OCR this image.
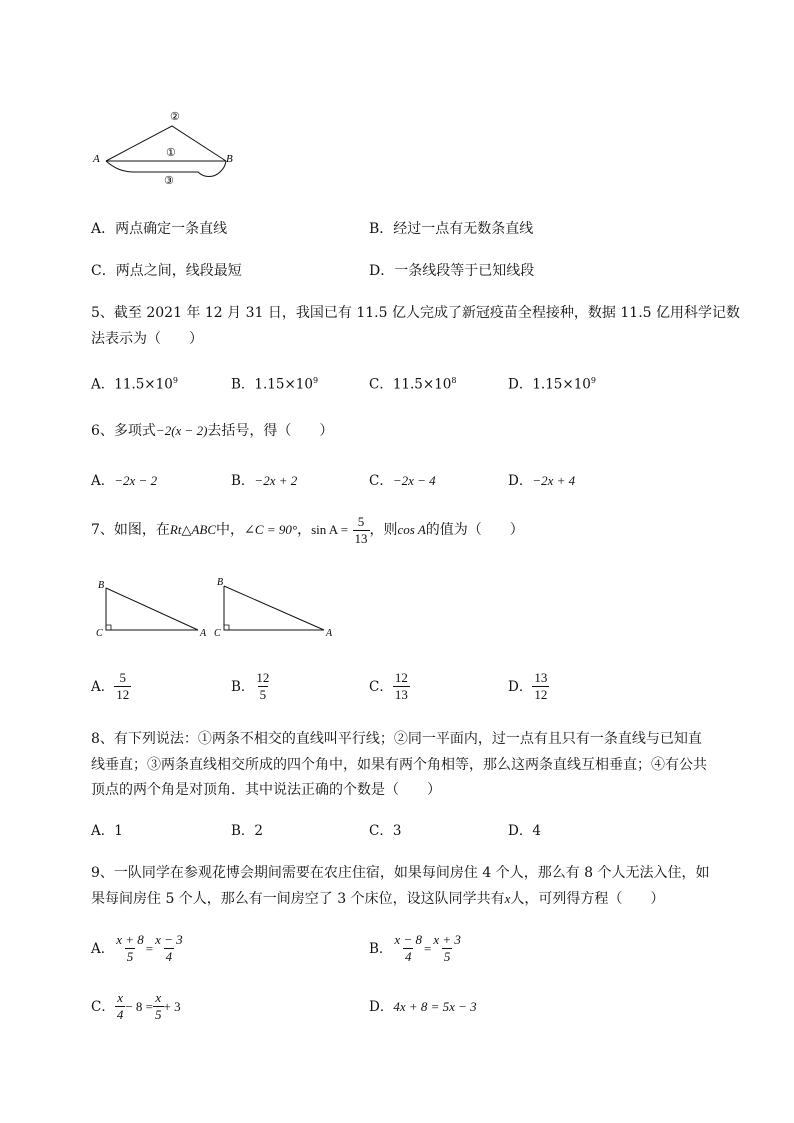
A	B
①
②
③
A．两点确定一条直线	B．经过一点有无数条直线
C．两点之间，线段最短	D．一条线段等于已知线段
5、截至 2021 年 12 月 31 日，我国已有 11.5 亿人完成了新冠疫苗全程接种，数据 11.5 亿用科学记数
法表示为（　　）
A．$11.5\times 10^9$	B．$1.15\times 10^9$	C．$11.5\times 10^8$	D．$1.15\times 10^9$
6、多项式−2(x − 2)去括号，得（　　）
A．−2x − 2	B．−2x + 2	C．−2x − 4	D．−2x + 4
7、如图，在Rt△ABC中，∠C = 90°，$\sin A = \frac{5}{13}$ ，则cos A的值为（　　）
B
C	A
B
C	A
A． $\frac{5}{12}$	B． $\frac{12}{5}$	C． $\frac{12}{13}$	D． $\frac{13}{12}$
8、有下列说法：①两条不相交的直线叫平行线；②同一平面内，过一点有且只有一条直线与已知直
线垂直；③两条直线相交所成的四个角中，如果有两个角相等，那么这两条直线互相垂直；④有公共
顶点的两个角是对顶角．其中说法正确的个数是（　　）
A．1	B．2	C．3	D．4
9、一队同学在参观花博会期间需要在农庄住宿，如果每间房住 4 个人，那么有 8 个人无法入住，如
果每间房住 5 个人，那么有一间房空了 3 个床位，设这队同学共有x人，可列得方程（　　）
A． $\frac{x + 8}{5} = \frac{x - 3}{4}$	B． $\frac{x - 8}{4} = \frac{x + 3}{5}$
C． $\frac{x}{4} - 8 = \frac{x}{5} + 3$	D．4x + 8 = 5x − 3
